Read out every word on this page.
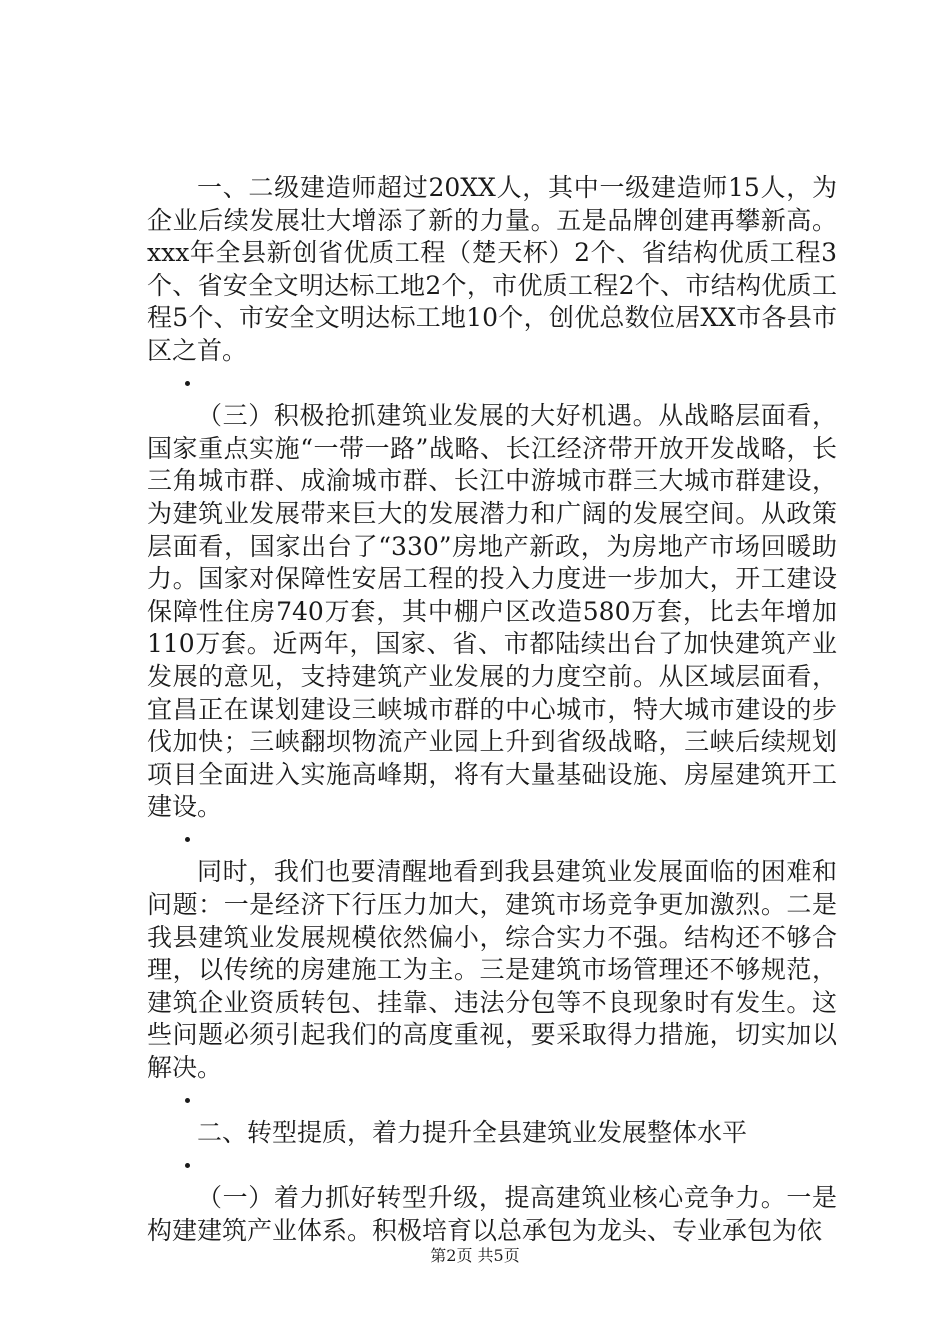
一、二级建造师超过20XX人，其中一级建造师15人，为企业后续发展壮大增添了新的力量。五是品牌创建再攀新高。xxx年全县新创省优质工程（楚天杯）2个、省结构优质工程3个、省安全文明达标工地2个，市优质工程2个、市结构优质工程5个、市安全文明达标工地10个，创优总数位居XX市各县市区之首。

（三）积极抢抓建筑业发展的大好机遇。从战略层面看，国家重点实施“一带一路”战略、长江经济带开放开发战略，长三角城市群、成渝城市群、长江中游城市群三大城市群建设，为建筑业发展带来巨大的发展潜力和广阔的发展空间。从政策层面看，国家出台了“330”房地产新政，为房地产市场回暖助力。国家对保障性安居工程的投入力度进一步加大，开工建设保障性住房740万套，其中棚户区改造580万套，比去年增加110万套。近两年，国家、省、市都陆续出台了加快建筑产业发展的意见，支持建筑产业发展的力度空前。从区域层面看，宜昌正在谋划建设三峡城市群的中心城市，特大城市建设的步伐加快；三峡翻坝物流产业园上升到省级战略，三峡后续规划项目全面进入实施高峰期，将有大量基础设施、房屋建筑开工建设。

同时，我们也要清醒地看到我县建筑业发展面临的困难和问题：一是经济下行压力加大，建筑市场竞争更加激烈。二是我县建筑业发展规模依然偏小，综合实力不强。结构还不够合理，以传统的房建施工为主。三是建筑市场管理还不够规范，建筑企业资质转包、挂靠、违法分包等不良现象时有发生。这些问题必须引起我们的高度重视，要采取得力措施，切实加以解决。

二、转型提质，着力提升全县建筑业发展整体水平

（一）着力抓好转型升级，提高建筑业核心竞争力。一是构建建筑产业体系。积极培育以总承包为龙头、专业承包为依

第2页 共5页
